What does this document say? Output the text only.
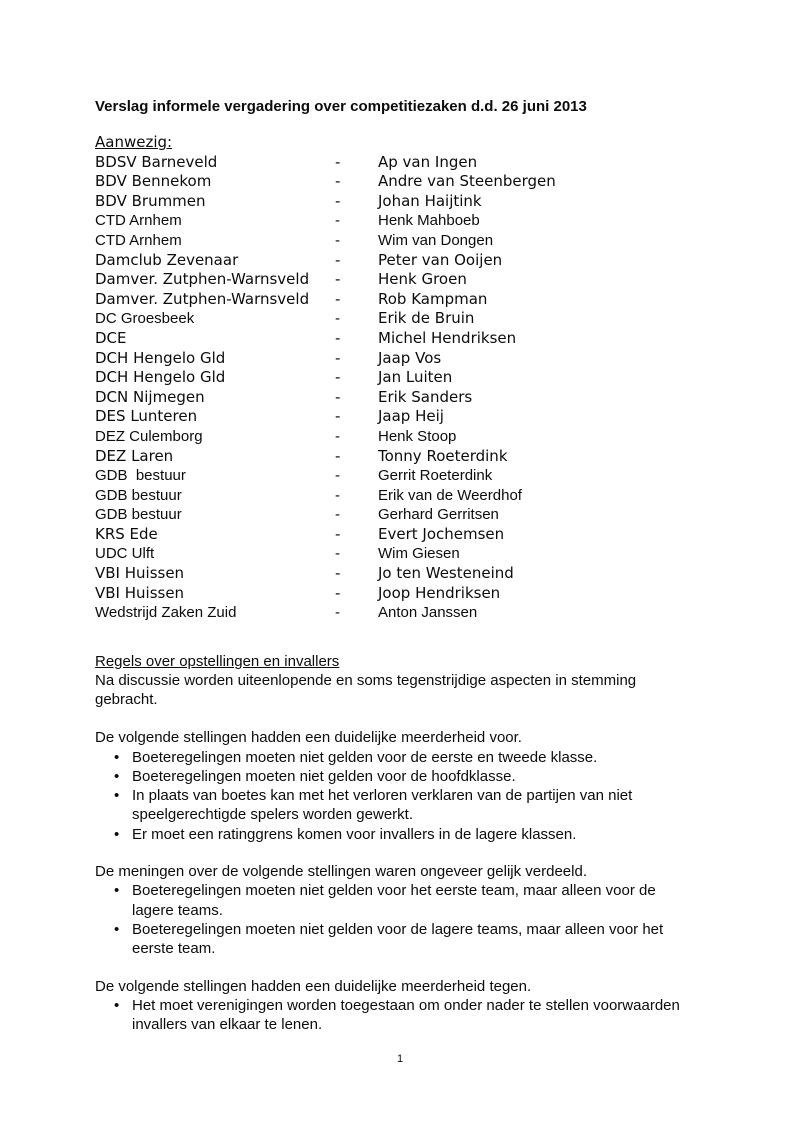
Verslag informele vergadering over competitiezaken d.d. 26 juni 2013
Aanwezig:
BDSV Barneveld	-	Ap van Ingen
BDV Bennekom	-	Andre van Steenbergen
BDV Brummen	-	Johan Haijtink
CTD Arnhem	-	Henk Mahboeb
CTD Arnhem	-	Wim van Dongen
Damclub Zevenaar	-	Peter van Ooijen
Damver. Zutphen-Warnsveld	-	Henk Groen
Damver. Zutphen-Warnsveld	-	Rob Kampman
DC Groesbeek	-	Erik de Bruin
DCE	-	Michel Hendriksen
DCH Hengelo Gld	-	Jaap Vos
DCH Hengelo Gld	-	Jan Luiten
DCN Nijmegen	-	Erik Sanders
DES Lunteren	-	Jaap Heij
DEZ Culemborg	-	Henk Stoop
DEZ Laren	-	Tonny Roeterdink
GDB  bestuur	-	Gerrit Roeterdink
GDB bestuur	-	Erik van de Weerdhof
GDB bestuur	-	Gerhard Gerritsen
KRS Ede	-	Evert Jochemsen
UDC Ulft	-	Wim Giesen
VBI Huissen	-	Jo ten Westeneind
VBI Huissen	-	Joop Hendriksen
Wedstrijd Zaken Zuid	-	Anton Janssen
Regels over opstellingen en invallers

Na discussie worden uiteenlopende en soms tegenstrijdige aspecten in stemming gebracht.

De volgende stellingen hadden een duidelijke meerderheid voor.

• Boeteregelingen moeten niet gelden voor de eerste en tweede klasse.
• Boeteregelingen moeten niet gelden voor de hoofdklasse.
• In plaats van boetes kan met het verloren verklaren van de partijen van niet speelgerechtigde spelers worden gewerkt.
• Er moet een ratinggrens komen voor invallers in de lagere klassen.

De meningen over de volgende stellingen waren ongeveer gelijk verdeeld.

• Boeteregelingen moeten niet gelden voor het eerste team, maar alleen voor de lagere teams.
• Boeteregelingen moeten niet gelden voor de lagere teams, maar alleen voor het eerste team.

De volgende stellingen hadden een duidelijke meerderheid tegen.

• Het moet verenigingen worden toegestaan om onder nader te stellen voorwaarden invallers van elkaar te lenen.
1
